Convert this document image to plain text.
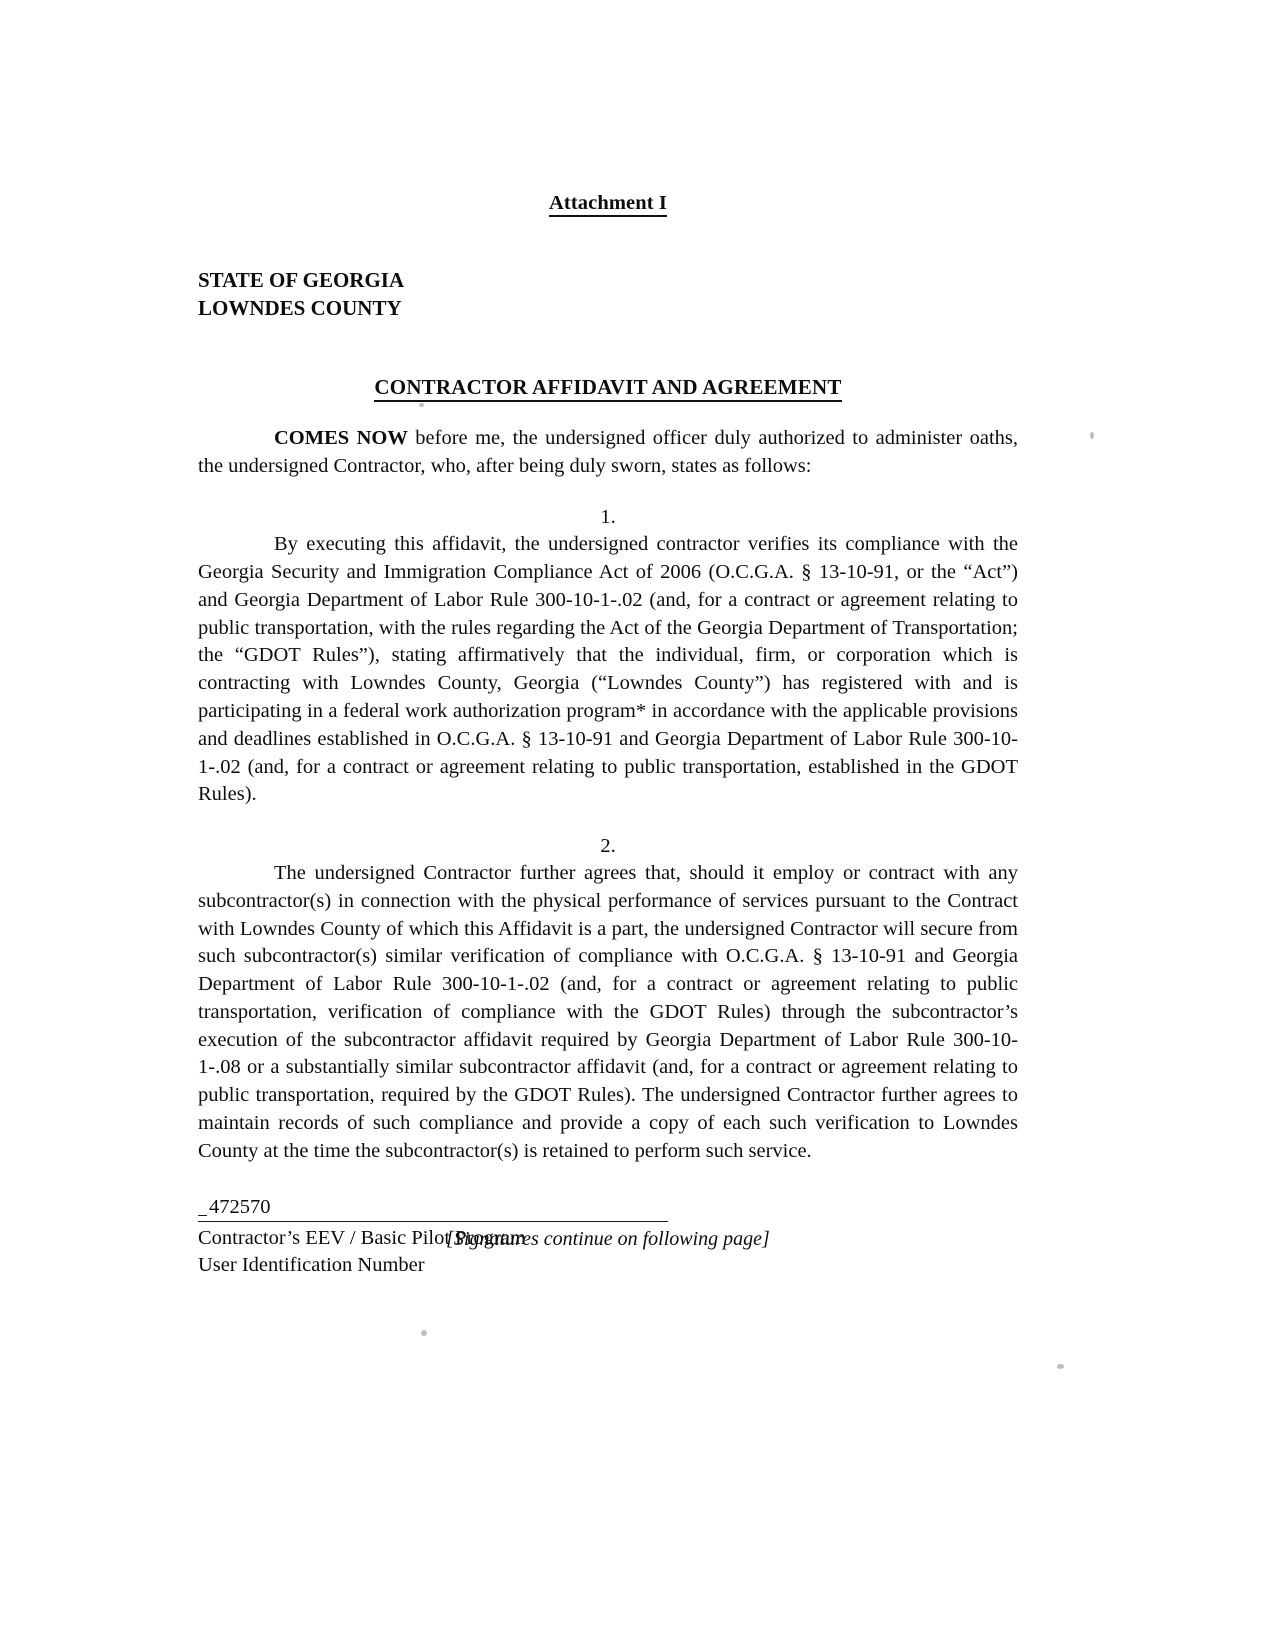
Attachment I
STATE OF GEORGIA
LOWNDES COUNTY
CONTRACTOR AFFIDAVIT AND AGREEMENT

COMES NOW before me, the undersigned officer duly authorized to administer oaths, the undersigned Contractor, who, after being duly sworn, states as follows:

1.

By executing this affidavit, the undersigned contractor verifies its compliance with the Georgia Security and Immigration Compliance Act of 2006 (O.C.G.A. § 13-10-91, or the “Act”) and Georgia Department of Labor Rule 300-10-1-.02 (and, for a contract or agreement relating to public transportation, with the rules regarding the Act of the Georgia Department of Transportation; the “GDOT Rules”), stating affirmatively that the individual, firm, or corporation which is contracting with Lowndes County, Georgia (“Lowndes County”) has registered with and is participating in a federal work authorization program* in accordance with the applicable provisions and deadlines established in O.C.G.A. § 13-10-91 and Georgia Department of Labor Rule 300-10-1-.02 (and, for a contract or agreement relating to public transportation, established in the GDOT Rules).

2.

The undersigned Contractor further agrees that, should it employ or contract with any subcontractor(s) in connection with the physical performance of services pursuant to the Contract with Lowndes County of which this Affidavit is a part, the undersigned Contractor will secure from such subcontractor(s) similar verification of compliance with O.C.G.A. § 13-10-91 and Georgia Department of Labor Rule 300-10-1-.02 (and, for a contract or agreement relating to public transportation, verification of compliance with the GDOT Rules) through the subcontractor’s execution of the subcontractor affidavit required by Georgia Department of Labor Rule 300-10-1-.08 or a substantially similar subcontractor affidavit (and, for a contract or agreement relating to public transportation, required by the GDOT Rules). The undersigned Contractor further agrees to maintain records of such compliance and provide a copy of each such verification to Lowndes County at the time the subcontractor(s) is retained to perform such service.

472570
Contractor’s EEV / Basic Pilot Program
User Identification Number
[Signatures continue on following page]
